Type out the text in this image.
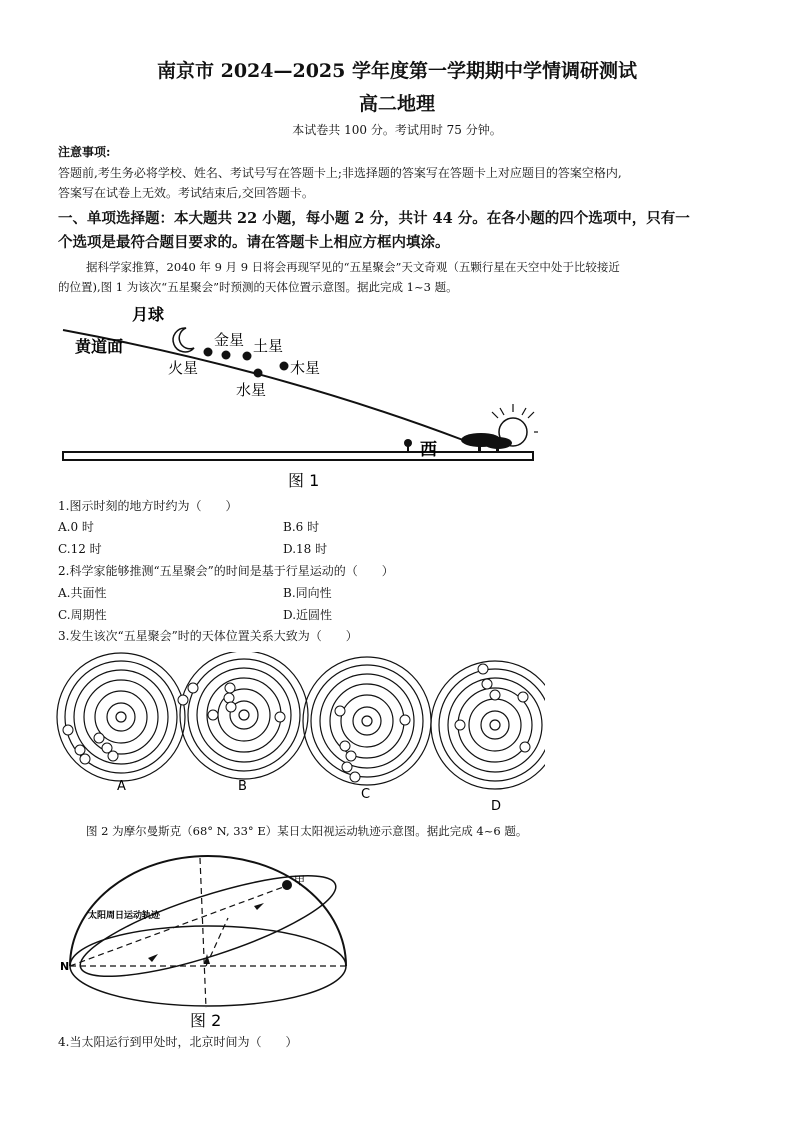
南京市 2024—2025 学年度第一学期期中学情调研测试
高二地理
本试卷共 100 分。考试用时 75 分钟。
注意事项:
答题前,考生务必将学校、姓名、考试号写在答题卡上;非选择题的答案写在答题卡上对应题目的答案空格内,
答案写在试卷上无效。考试结束后,交回答题卡。
一、单项选择题：本大题共 22 小题，每小题 2 分，共计 44 分。在各小题的四个选项中，只有一
个选项是最符合题目要求的。请在答题卡上相应方框内填涂。
据科学家推算，2040 年 9 月 9 日将会再现罕见的“五星聚会”天文奇观（五颗行星在天空中处于比较接近
的位置),图 1 为该次“五星聚会”时预测的天体位置示意图。据此完成 1~3 题。
月球
黄道面	金星 土星
火星	木星
水星
西
图 1
1.图示时刻的地方时约为（　　）
A.0 时	B.6 时
C.12 时	D.18 时
2.科学家能够推测“五星聚会”的时间是基于行星运动的（　　）
A.共面性	B.同向性
C.周期性	D.近圆性
3.发生该次“五星聚会”时的天体位置关系大致为（　　）
A	B
C
D
图 2 为摩尔曼斯克（68° N, 33° E）某日太阳视运动轨迹示意图。据此完成 4~6 题。
甲
太阳周日运动轨迹
N
图 2
4.当太阳运行到甲处时，北京时间为（　　）
